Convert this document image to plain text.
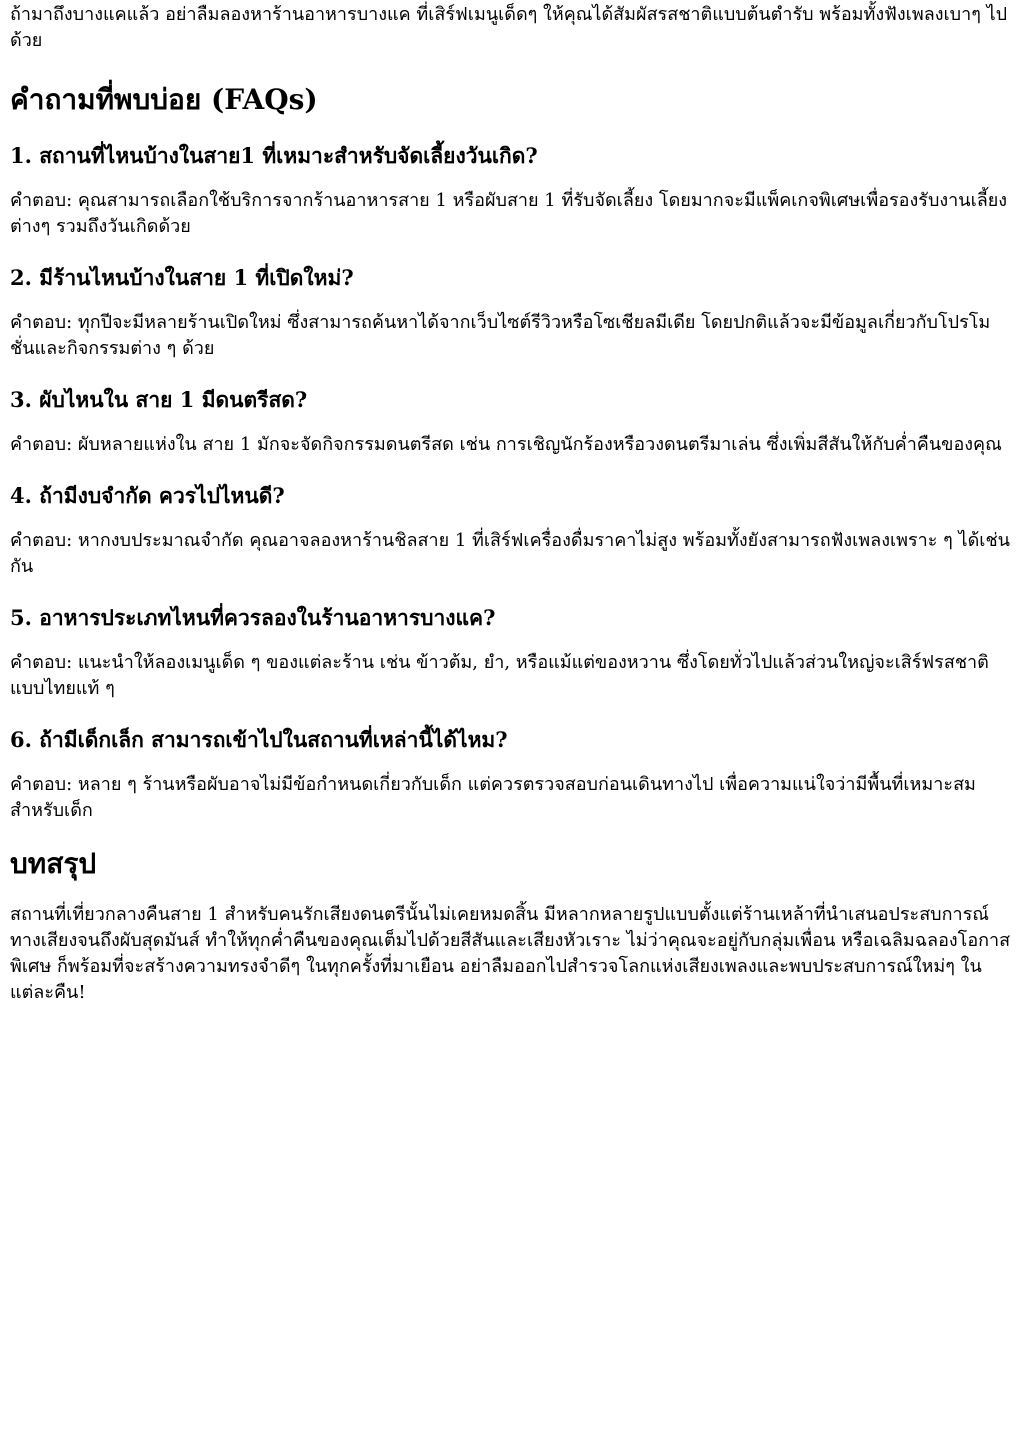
ถ้ามาถึงบางแคแล้ว อย่าลืมลองหาร้านอาหารบางแค ที่เสิร์ฟเมนูเด็ดๆ ให้คุณได้สัมผัสรสชาติแบบต้นตำรับ พร้อมทั้งฟังเพลงเบาๆ ไปด้วย

คำถามที่พบบ่อย (FAQs)
1. สถานที่ไหนบ้างในสาย1 ที่เหมาะสำหรับจัดเลี้ยงวันเกิด?

คำตอบ: คุณสามารถเลือกใช้บริการจากร้านอาหารสาย 1 หรือผับสาย 1 ที่รับจัดเลี้ยง โดยมากจะมีแพ็คเกจพิเศษเพื่อรองรับงานเลี้ยงต่างๆ รวมถึงวันเกิดด้วย

2. มีร้านไหนบ้างในสาย 1 ที่เปิดใหม่?

คำตอบ: ทุกปีจะมีหลายร้านเปิดใหม่ ซึ่งสามารถค้นหาได้จากเว็บไซต์รีวิวหรือโซเชียลมีเดีย โดยปกติแล้วจะมีข้อมูลเกี่ยวกับโปรโมชั่นและกิจกรรมต่าง ๆ ด้วย

3. ผับไหนใน สาย 1 มีดนตรีสด?

คำตอบ: ผับหลายแห่งใน สาย 1 มักจะจัดกิจกรรมดนตรีสด เช่น การเชิญนักร้องหรือวงดนตรีมาเล่น ซึ่งเพิ่มสีสันให้กับค่ำคืนของคุณ

4. ถ้ามีงบจำกัด ควรไปไหนดี?

คำตอบ: หากงบประมาณจำกัด คุณอาจลองหาร้านชิลสาย 1 ที่เสิร์ฟเครื่องดื่มราคาไม่สูง พร้อมทั้งยังสามารถฟังเพลงเพราะ ๆ ได้เช่นกัน

5. อาหารประเภทไหนที่ควรลองในร้านอาหารบางแค?

คำตอบ: แนะนำให้ลองเมนูเด็ด ๆ ของแต่ละร้าน เช่น ข้าวต้ม, ยำ, หรือแม้แต่ของหวาน ซึ่งโดยทั่วไปแล้วส่วนใหญ่จะเสิร์ฟรสชาติแบบไทยแท้ ๆ

6. ถ้ามีเด็กเล็ก สามารถเข้าไปในสถานที่เหล่านี้ได้ไหม?

คำตอบ: หลาย ๆ ร้านหรือผับอาจไม่มีข้อกำหนดเกี่ยวกับเด็ก แต่ควรตรวจสอบก่อนเดินทางไป เพื่อความแน่ใจว่ามีพื้นที่เหมาะสมสำหรับเด็ก

บทสรุป

สถานที่เที่ยวกลางคืนสาย 1 สำหรับคนรักเสียงดนตรีนั้นไม่เคยหมดสิ้น มีหลากหลายรูปแบบตั้งแต่ร้านเหล้าที่นำเสนอประสบการณ์ทางเสียงจนถึงผับสุดมันส์ ทำให้ทุกค่ำคืนของคุณเต็มไปด้วยสีสันและเสียงหัวเราะ ไม่ว่าคุณจะอยู่กับกลุ่มเพื่อน หรือเฉลิมฉลองโอกาสพิเศษ ก็พร้อมที่จะสร้างความทรงจำดีๆ ในทุกครั้งที่มาเยือน อย่าลืมออกไปสำรวจโลกแห่งเสียงเพลงและพบประสบการณ์ใหม่ๆ ในแต่ละคืน!
